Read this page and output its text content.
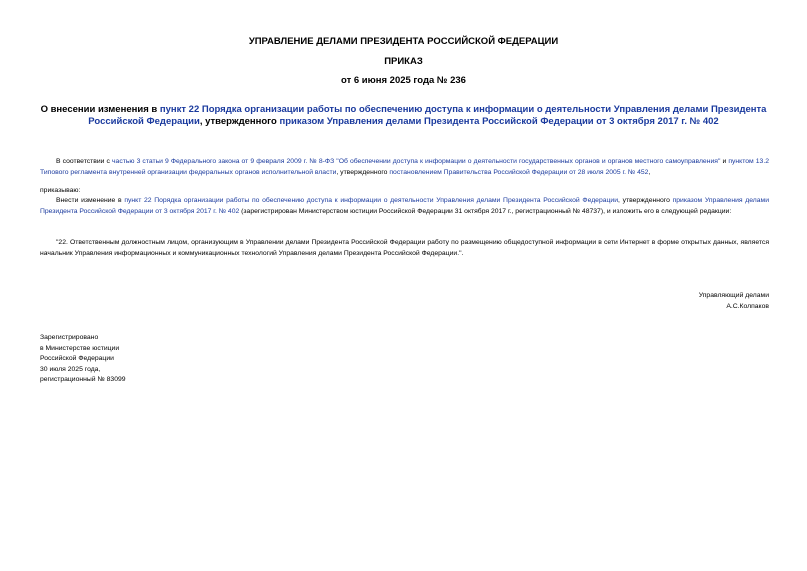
УПРАВЛЕНИЕ ДЕЛАМИ ПРЕЗИДЕНТА РОССИЙСКОЙ ФЕДЕРАЦИИ
ПРИКАЗ
от 6 июня 2025 года № 236
О внесении изменения в пункт 22 Порядка организации работы по обеспечению доступа к информации о деятельности Управления делами Президента Российской Федерации, утвержденного приказом Управления делами Президента Российской Федерации от 3 октября 2017 г. № 402
В соответствии с частью 3 статьи 9 Федерального закона от 9 февраля 2009 г. № 8-ФЗ "Об обеспечении доступа к информации о деятельности государственных органов и органов местного самоуправления" и пунктом 13.2 Типового регламента внутренней организации федеральных органов исполнительной власти, утвержденного постановлением Правительства Российской Федерации от 28 июля 2005 г. № 452,
приказываю:
Внести изменение в пункт 22 Порядка организации работы по обеспечению доступа к информации о деятельности Управления делами Президента Российской Федерации, утвержденного приказом Управления делами Президента Российской Федерации от 3 октября 2017 г. № 402 (зарегистрирован Министерством юстиции Российской Федерации 31 октября 2017 г., регистрационный № 48737), и изложить его в следующей редакции:
"22. Ответственным должностным лицом, организующим в Управлении делами Президента Российской Федерации работу по размещению общедоступной информации в сети Интернет в форме открытых данных, является начальник Управления информационных и коммуникационных технологий Управления делами Президента Российской Федерации.".
Управляющий делами
А.С.Колпаков
Зарегистрировано
в Министерстве юстиции
Российской Федерации
30 июля 2025 года,
регистрационный № 83099
